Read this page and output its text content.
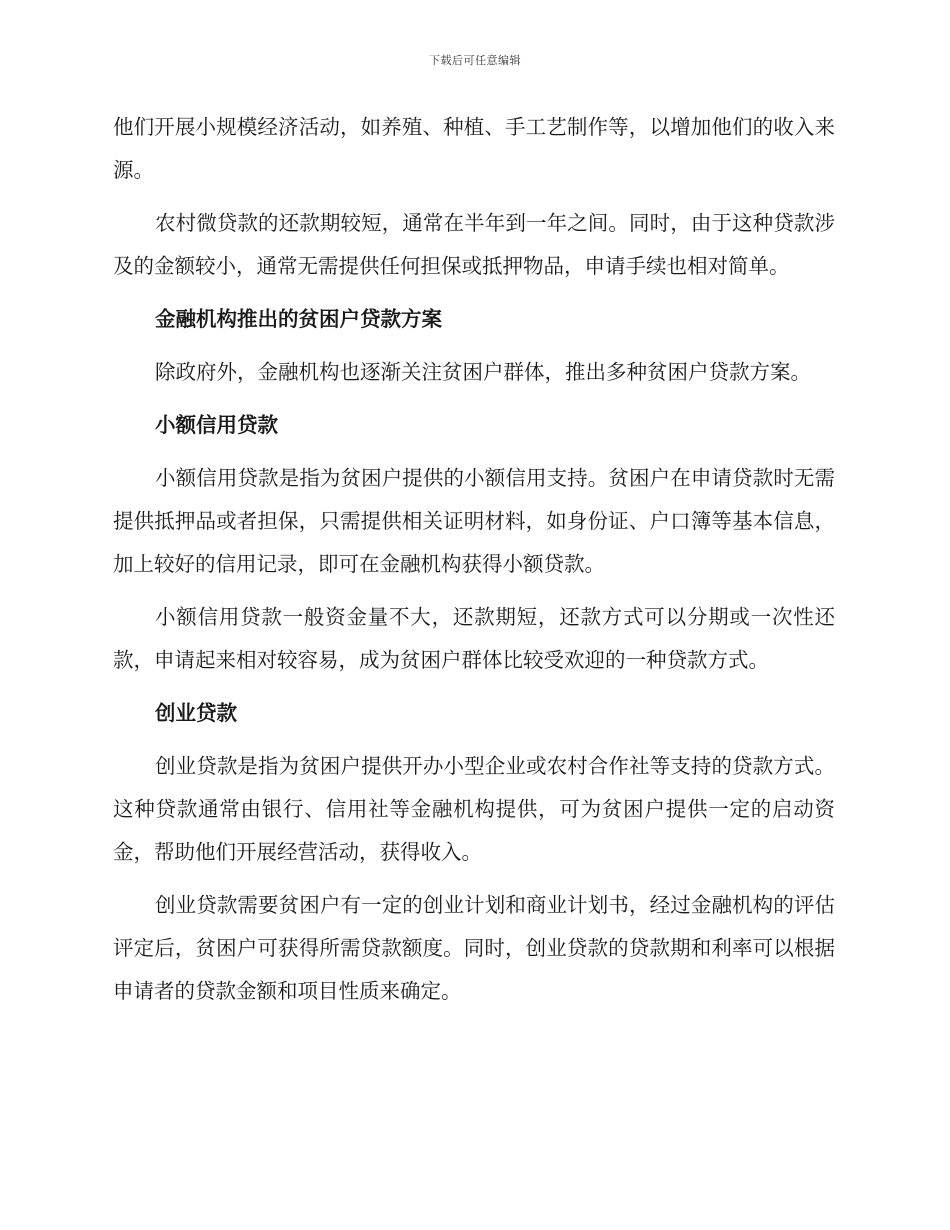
下载后可任意编辑

他们开展小规模经济活动，如养殖、种植、手工艺制作等，以增加他们的收入来源。

农村微贷款的还款期较短，通常在半年到一年之间。同时，由于这种贷款涉及的金额较小，通常无需提供任何担保或抵押物品，申请手续也相对简单。

金融机构推出的贫困户贷款方案

除政府外，金融机构也逐渐关注贫困户群体，推出多种贫困户贷款方案。

小额信用贷款

小额信用贷款是指为贫困户提供的小额信用支持。贫困户在申请贷款时无需提供抵押品或者担保，只需提供相关证明材料，如身份证、户口簿等基本信息，加上较好的信用记录，即可在金融机构获得小额贷款。

小额信用贷款一般资金量不大，还款期短，还款方式可以分期或一次性还款，申请起来相对较容易，成为贫困户群体比较受欢迎的一种贷款方式。

创业贷款

创业贷款是指为贫困户提供开办小型企业或农村合作社等支持的贷款方式。这种贷款通常由银行、信用社等金融机构提供，可为贫困户提供一定的启动资金，帮助他们开展经营活动，获得收入。

创业贷款需要贫困户有一定的创业计划和商业计划书，经过金融机构的评估评定后，贫困户可获得所需贷款额度。同时，创业贷款的贷款期和利率可以根据申请者的贷款金额和项目性质来确定。
